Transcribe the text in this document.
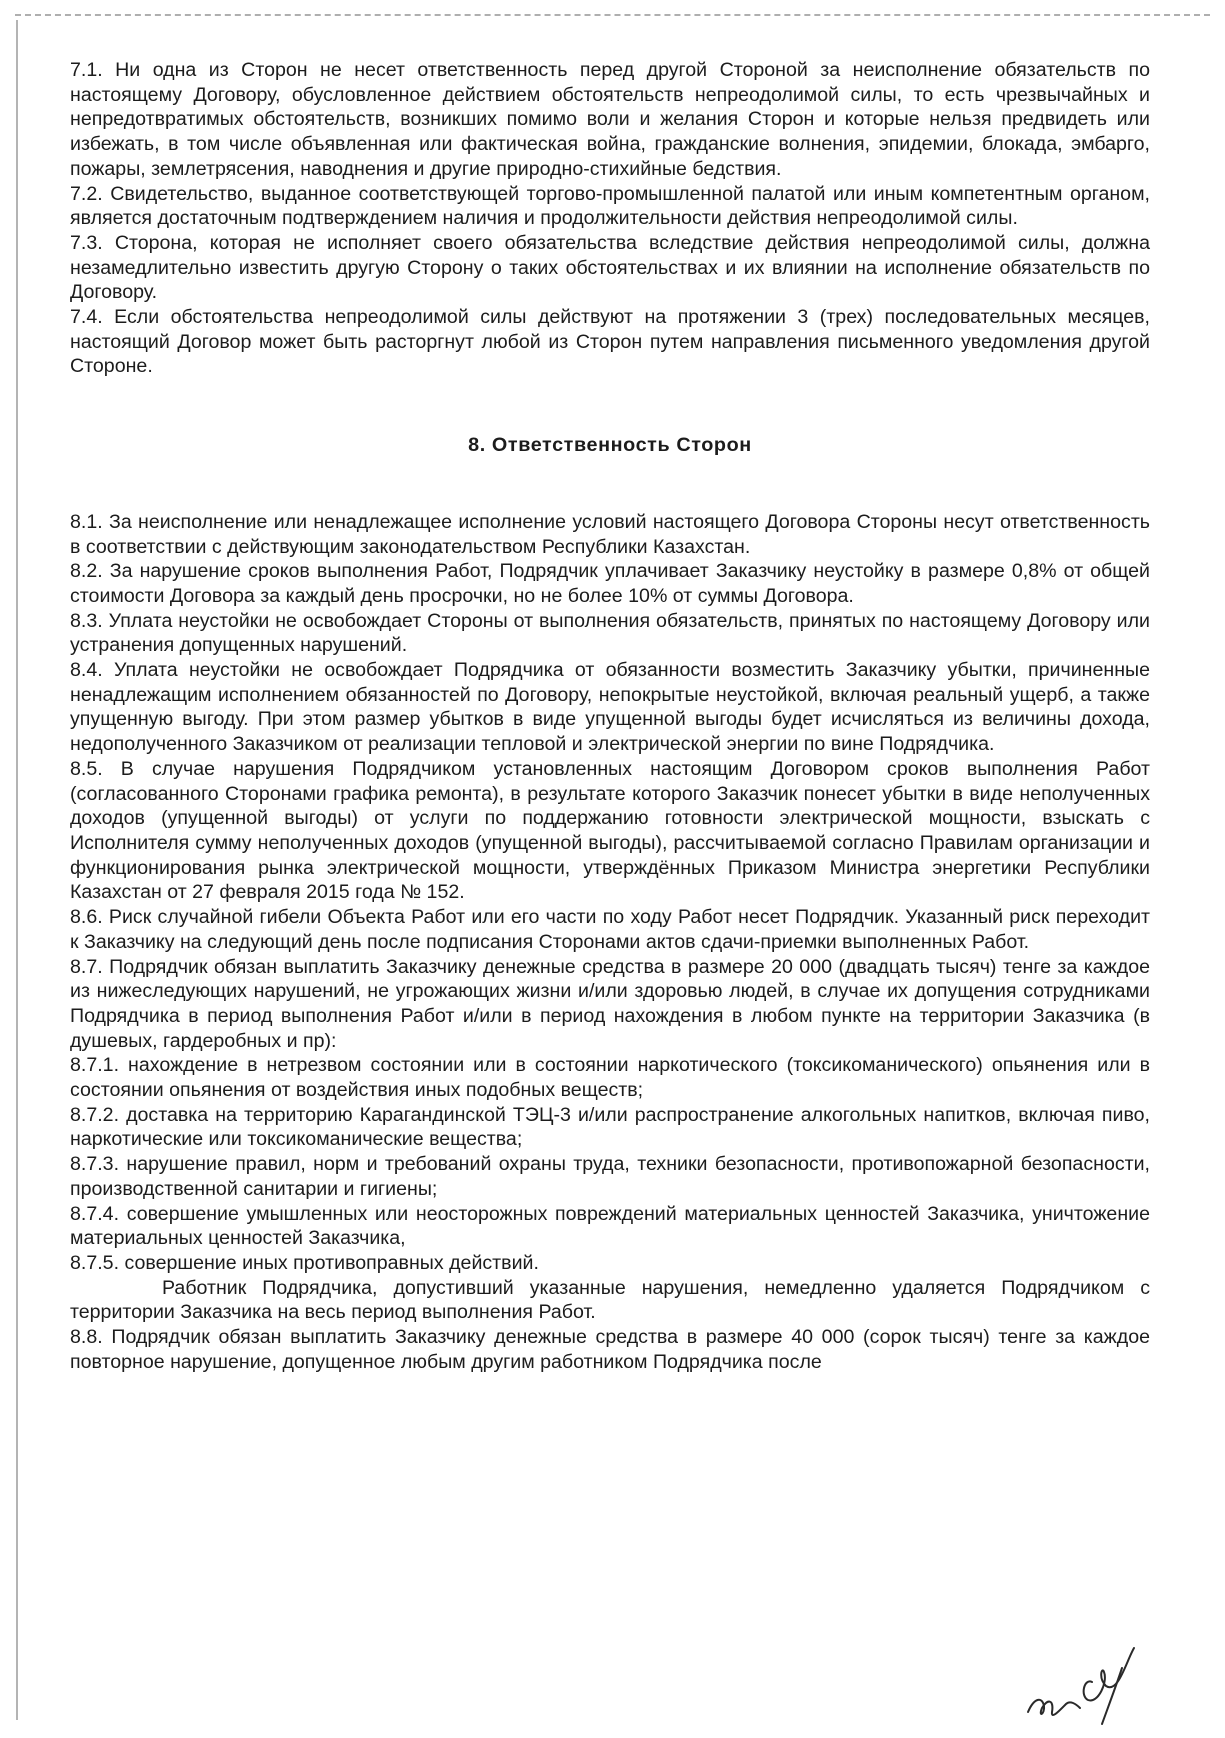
7.1. Ни одна из Сторон не несет ответственность перед другой Стороной за неисполнение обязательств по настоящему Договору, обусловленное действием обстоятельств непреодолимой силы, то есть чрезвычайных и непредотвратимых обстоятельств, возникших помимо воли и желания Сторон и которые нельзя предвидеть или избежать, в том числе объявленная или фактическая война, гражданские волнения, эпидемии, блокада, эмбарго, пожары, землетрясения, наводнения и другие природно-стихийные бедствия.
7.2. Свидетельство, выданное соответствующей торгово-промышленной палатой или иным компетентным органом, является достаточным подтверждением наличия и продолжительности действия непреодолимой силы.
7.3. Сторона, которая не исполняет своего обязательства вследствие действия непреодолимой силы, должна незамедлительно известить другую Сторону о таких обстоятельствах и их влиянии на исполнение обязательств по Договору.
7.4. Если обстоятельства непреодолимой силы действуют на протяжении 3 (трех) последовательных месяцев, настоящий Договор может быть расторгнут любой из Сторон путем направления письменного уведомления другой Стороне.
8. Ответственность Сторон
8.1. За неисполнение или ненадлежащее исполнение условий настоящего Договора Стороны несут ответственность в соответствии с действующим законодательством Республики Казахстан.
8.2. За нарушение сроков выполнения Работ, Подрядчик уплачивает Заказчику неустойку в размере 0,8% от общей стоимости Договора за каждый день просрочки, но не более 10% от суммы Договора.
8.3. Уплата неустойки не освобождает Стороны от выполнения обязательств, принятых по настоящему Договору или устранения допущенных нарушений.
8.4. Уплата неустойки не освобождает Подрядчика от обязанности возместить Заказчику убытки, причиненные ненадлежащим исполнением обязанностей по Договору, непокрытые неустойкой, включая реальный ущерб, а также упущенную выгоду. При этом размер убытков в виде упущенной выгоды будет исчисляться из величины дохода, недополученного Заказчиком от реализации тепловой и электрической энергии по вине Подрядчика.
8.5. В случае нарушения Подрядчиком установленных настоящим Договором сроков выполнения Работ (согласованного Сторонами графика ремонта), в результате которого Заказчик понесет убытки в виде неполученных доходов (упущенной выгоды) от услуги по поддержанию готовности электрической мощности, взыскать с Исполнителя сумму неполученных доходов (упущенной выгоды), рассчитываемой согласно Правилам организации и функционирования рынка электрической мощности, утверждённых Приказом Министра энергетики Республики Казахстан от 27 февраля 2015 года № 152.
8.6. Риск случайной гибели Объекта Работ или его части по ходу Работ несет Подрядчик. Указанный риск переходит к Заказчику на следующий день после подписания Сторонами актов сдачи-приемки выполненных Работ.
8.7. Подрядчик обязан выплатить Заказчику денежные средства в размере 20 000 (двадцать тысяч) тенге за каждое из нижеследующих нарушений, не угрожающих жизни и/или здоровью людей, в случае их допущения сотрудниками Подрядчика в период выполнения Работ и/или в период нахождения в любом пункте на территории Заказчика (в душевых, гардеробных и пр):
8.7.1. нахождение в нетрезвом состоянии или в состоянии наркотического (токсикоманического) опьянения или в состоянии опьянения от воздействия иных подобных веществ;
8.7.2. доставка на территорию Карагандинской ТЭЦ-3 и/или распространение алкогольных напитков, включая пиво, наркотические или токсикоманические вещества;
8.7.3. нарушение правил, норм и требований охраны труда, техники безопасности, противопожарной безопасности, производственной санитарии и гигиены;
8.7.4. совершение умышленных или неосторожных повреждений материальных ценностей Заказчика, уничтожение материальных ценностей Заказчика,
8.7.5. совершение иных противоправных действий.
Работник Подрядчика, допустивший указанные нарушения, немедленно удаляется Подрядчиком с территории Заказчика на весь период выполнения Работ.
8.8. Подрядчик обязан выплатить Заказчику денежные средства в размере 40 000 (сорок тысяч) тенге за каждое повторное нарушение, допущенное любым другим работником Подрядчика после
